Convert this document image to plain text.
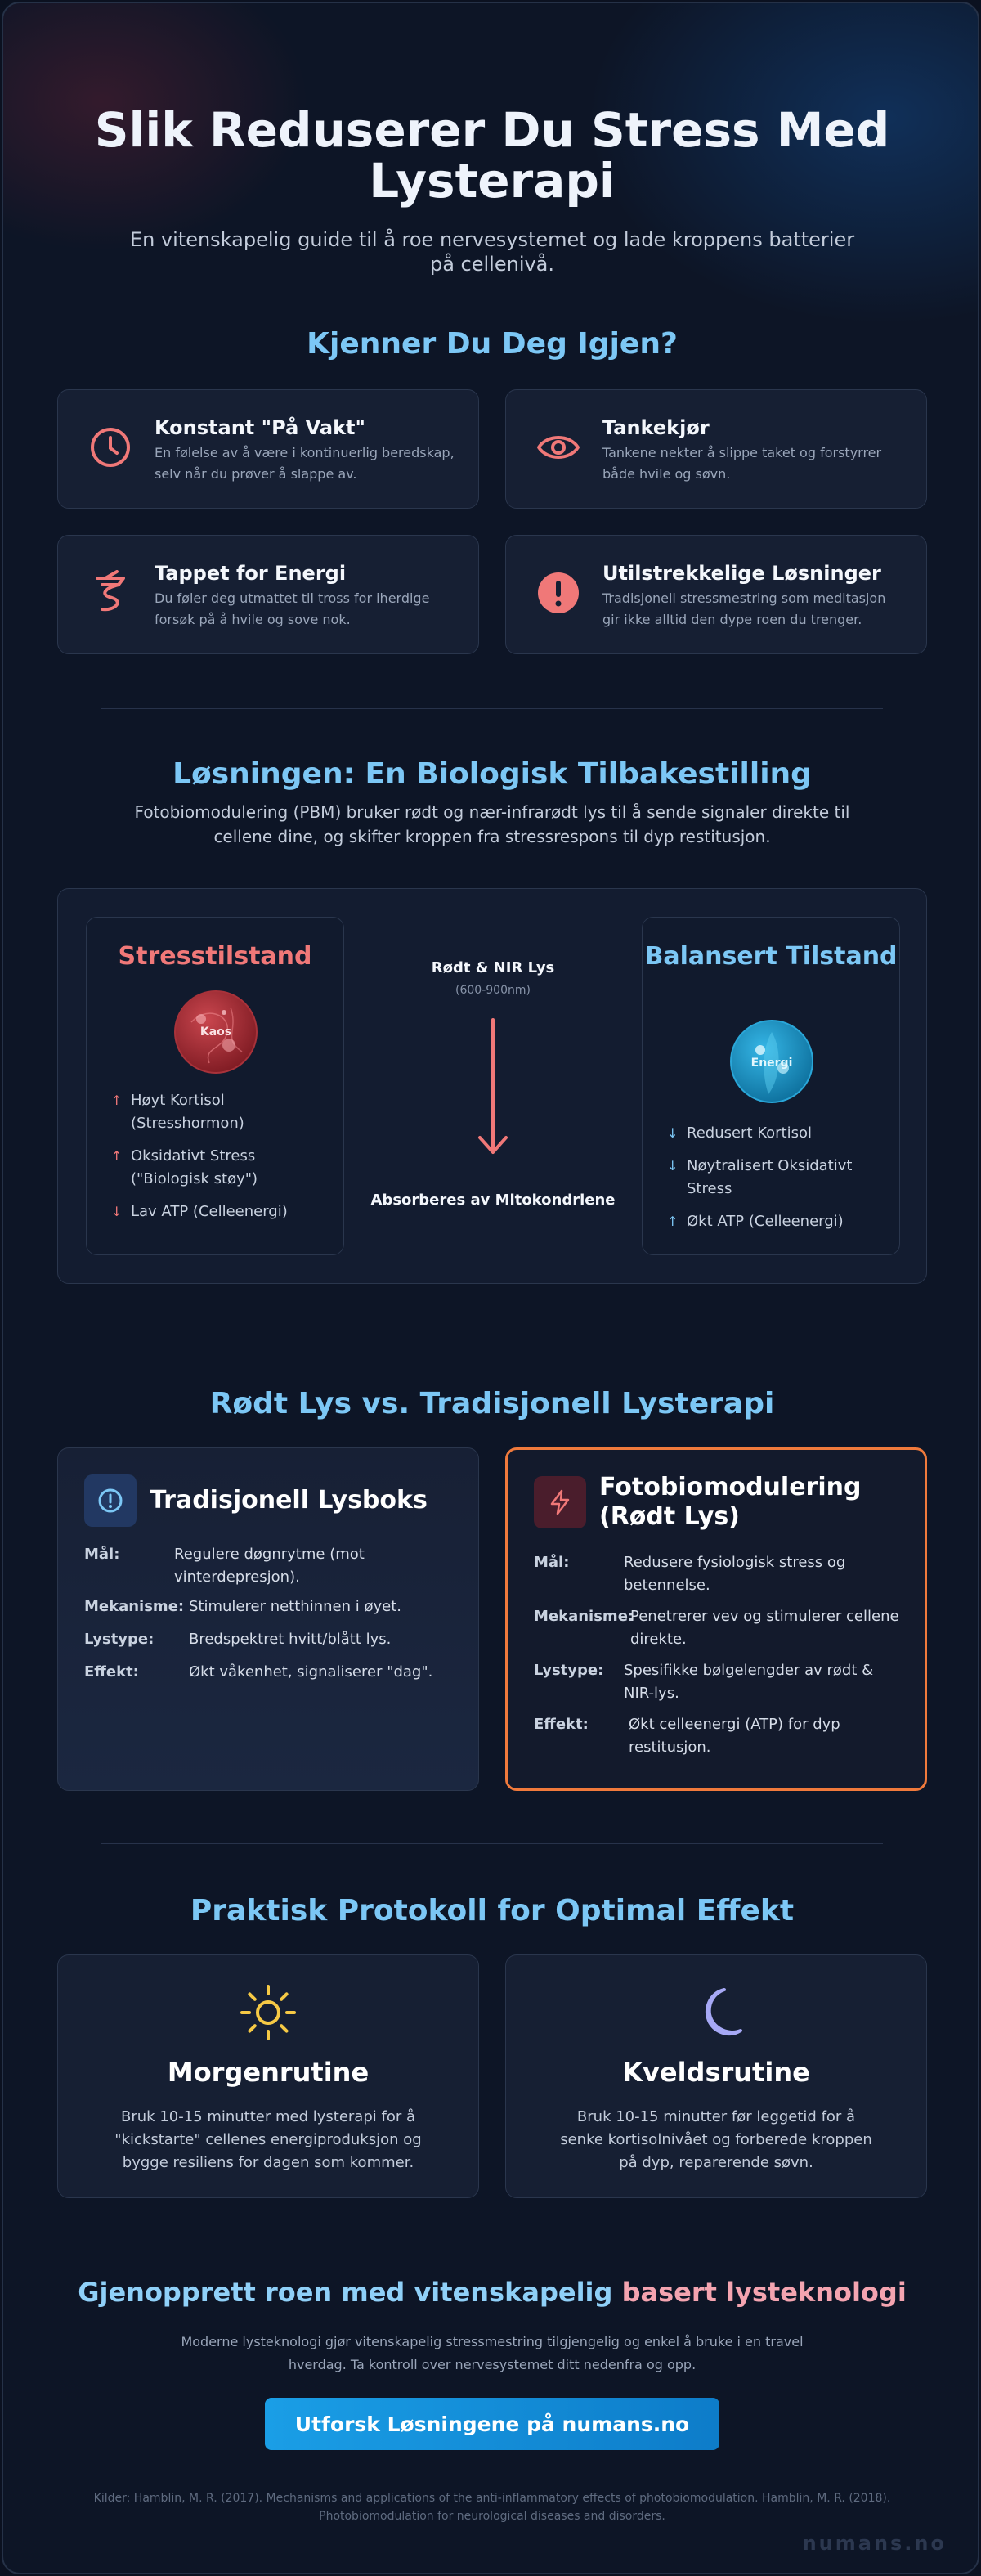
Slik Reduserer Du Stress Med Lysterapi

En vitenskapelig guide til å roe nervesystemet og lade kroppens batterier på cellenivå.

Kjenner Du Deg Igjen?
Konstant "På Vakt"
En følelse av å være i kontinuerlig beredskap, selv når du prøver å slappe av.
Tankekjør
Tankene nekter å slippe taket og forstyrrer både hvile og søvn.
Tappet for Energi
Du føler deg utmattet til tross for iherdige forsøk på å hvile og sove nok.
Utilstrekkelige Løsninger
Tradisjonell stressmestring som meditasjon gir ikke alltid den dype roen du trenger.
Løsningen: En Biologisk Tilbakestilling

Fotobiomodulering (PBM) bruker rødt og nær-infrarødt lys til å sende signaler direkte til cellene dine, og skifter kroppen fra stressrespons til dyp restitusjon.

Stresstilstand
Kaos
↑ Høyt Kortisol (Stresshormon)
↑ Oksidativt Stress ("Biologisk støy")
↓ Lav ATP (Celleenergi)
Rødt & NIR Lys
(600-900nm)
Absorberes av Mitokondriene
Balansert Tilstand
Energi
↓ Redusert Kortisol
↓ Nøytralisert Oksidativt Stress
↑ Økt ATP (Celleenergi)
Rødt Lys vs. Tradisjonell Lysterapi
Tradisjonell Lysboks
Mål:	Regulere døgnrytme (mot vinterdepresjon).
Mekanisme: Stimulerer netthinnen i øyet.
Lystype: Bredspektret hvitt/blått lys.
Effekt:	Økt våkenhet, signaliserer "dag".
Fotobiomodulering (Rødt Lys)
Mål:	Redusere fysiologisk stress og betennelse.
Mekanisme:
Penetrerer vev og stimulerer cellene direkte.
Lystype: Spesifikke bølgelengder av rødt & NIR-lys.
Effekt:	Økt celleenergi (ATP) for dyp restitusjon.
Praktisk Protokoll for Optimal Effekt
Morgenrutine
Bruk 10-15 minutter med lysterapi for å "kickstarte" cellenes energiproduksjon og bygge resiliens for dagen som kommer.
Kveldsrutine
Bruk 10-15 minutter før leggetid for å senke kortisolnivået og forberede kroppen på dyp, reparerende søvn.
Gjenopprett roen med vitenskapelig basert lysteknologi

Moderne lysteknologi gjør vitenskapelig stressmestring tilgjengelig og enkel å bruke i en travel hverdag. Ta kontroll over nervesystemet ditt nedenfra og opp.

Utforsk Løsningene på numans.no

Kilder: Hamblin, M. R. (2017). Mechanisms and applications of the anti-inflammatory effects of photobiomodulation. Hamblin, M. R. (2018). Photobiomodulation for neurological diseases and disorders.

numans.no
